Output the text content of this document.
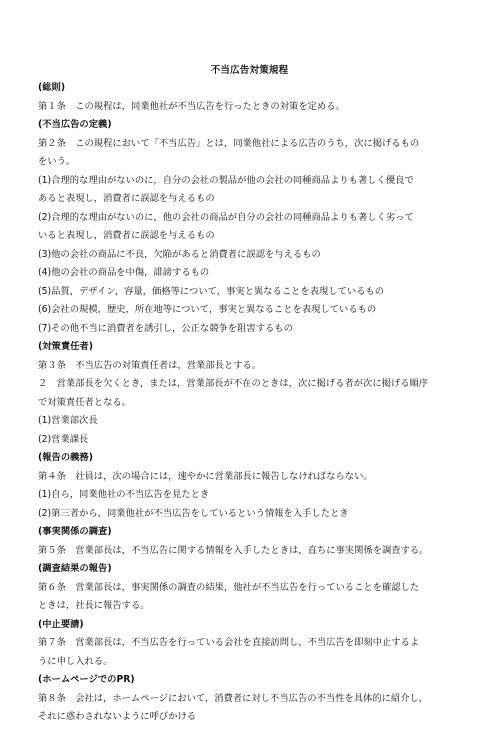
不当広告対策規程
(総則)
第１条　この規程は，同業他社が不当広告を行ったときの対策を定める。
(不当広告の定義)
第２条　この規程において「不当広告」とは，同業他社による広告のうち，次に掲げるもの
をいう。
(1)合理的な理由がないのに，自分の会社の製品が他の会社の同種商品よりも著しく優良で
あると表現し，消費者に誤認を与えるもの
(2)合理的な理由がないのに，他の会社の商品が自分の会社の同種商品よりも著しく劣って
いると表現し，消費者に誤認を与えるもの
(3)他の会社の商品に不良，欠陥があると消費者に誤認を与えるもの
(4)他の会社の商品を中傷，誹謗するもの
(5)品質，デザイン，容量，価格等について，事実と異なることを表現しているもの
(6)会社の規模，歴史，所在地等について，事実と異なることを表現しているもの
(7)その他不当に消費者を誘引し，公正な競争を阻害するもの
(対策責任者)
第３条　不当広告の対策責任者は，営業部長とする。
２　営業部長を欠くとき，または，営業部長が不在のときは，次に掲げる者が次に掲げる順序
で対策責任者となる。
(1)営業部次長
(2)営業課長
(報告の義務)
第４条　社員は，次の場合には，速やかに営業部長に報告しなければならない。
(1)自ら，同業他社の不当広告を見たとき
(2)第三者から，同業他社が不当広告をしているという情報を入手したとき
(事実関係の調査)
第５条　営業部長は，不当広告に関する情報を入手したときは，直ちに事実関係を調査する。
(調査結果の報告)
第６条　営業部長は，事実関係の調査の結果，他社が不当広告を行っていることを確認した
ときは，社長に報告する。
(中止要請)
第７条　営業部長は，不当広告を行っている会社を直接訪問し，不当広告を即刻中止するよ
うに申し入れる。
(ホームページでのPR)
第８条　会社は，ホームページにおいて，消費者に対し不当広告の不当性を具体的に紹介し，
それに惑わされないように呼びかける
